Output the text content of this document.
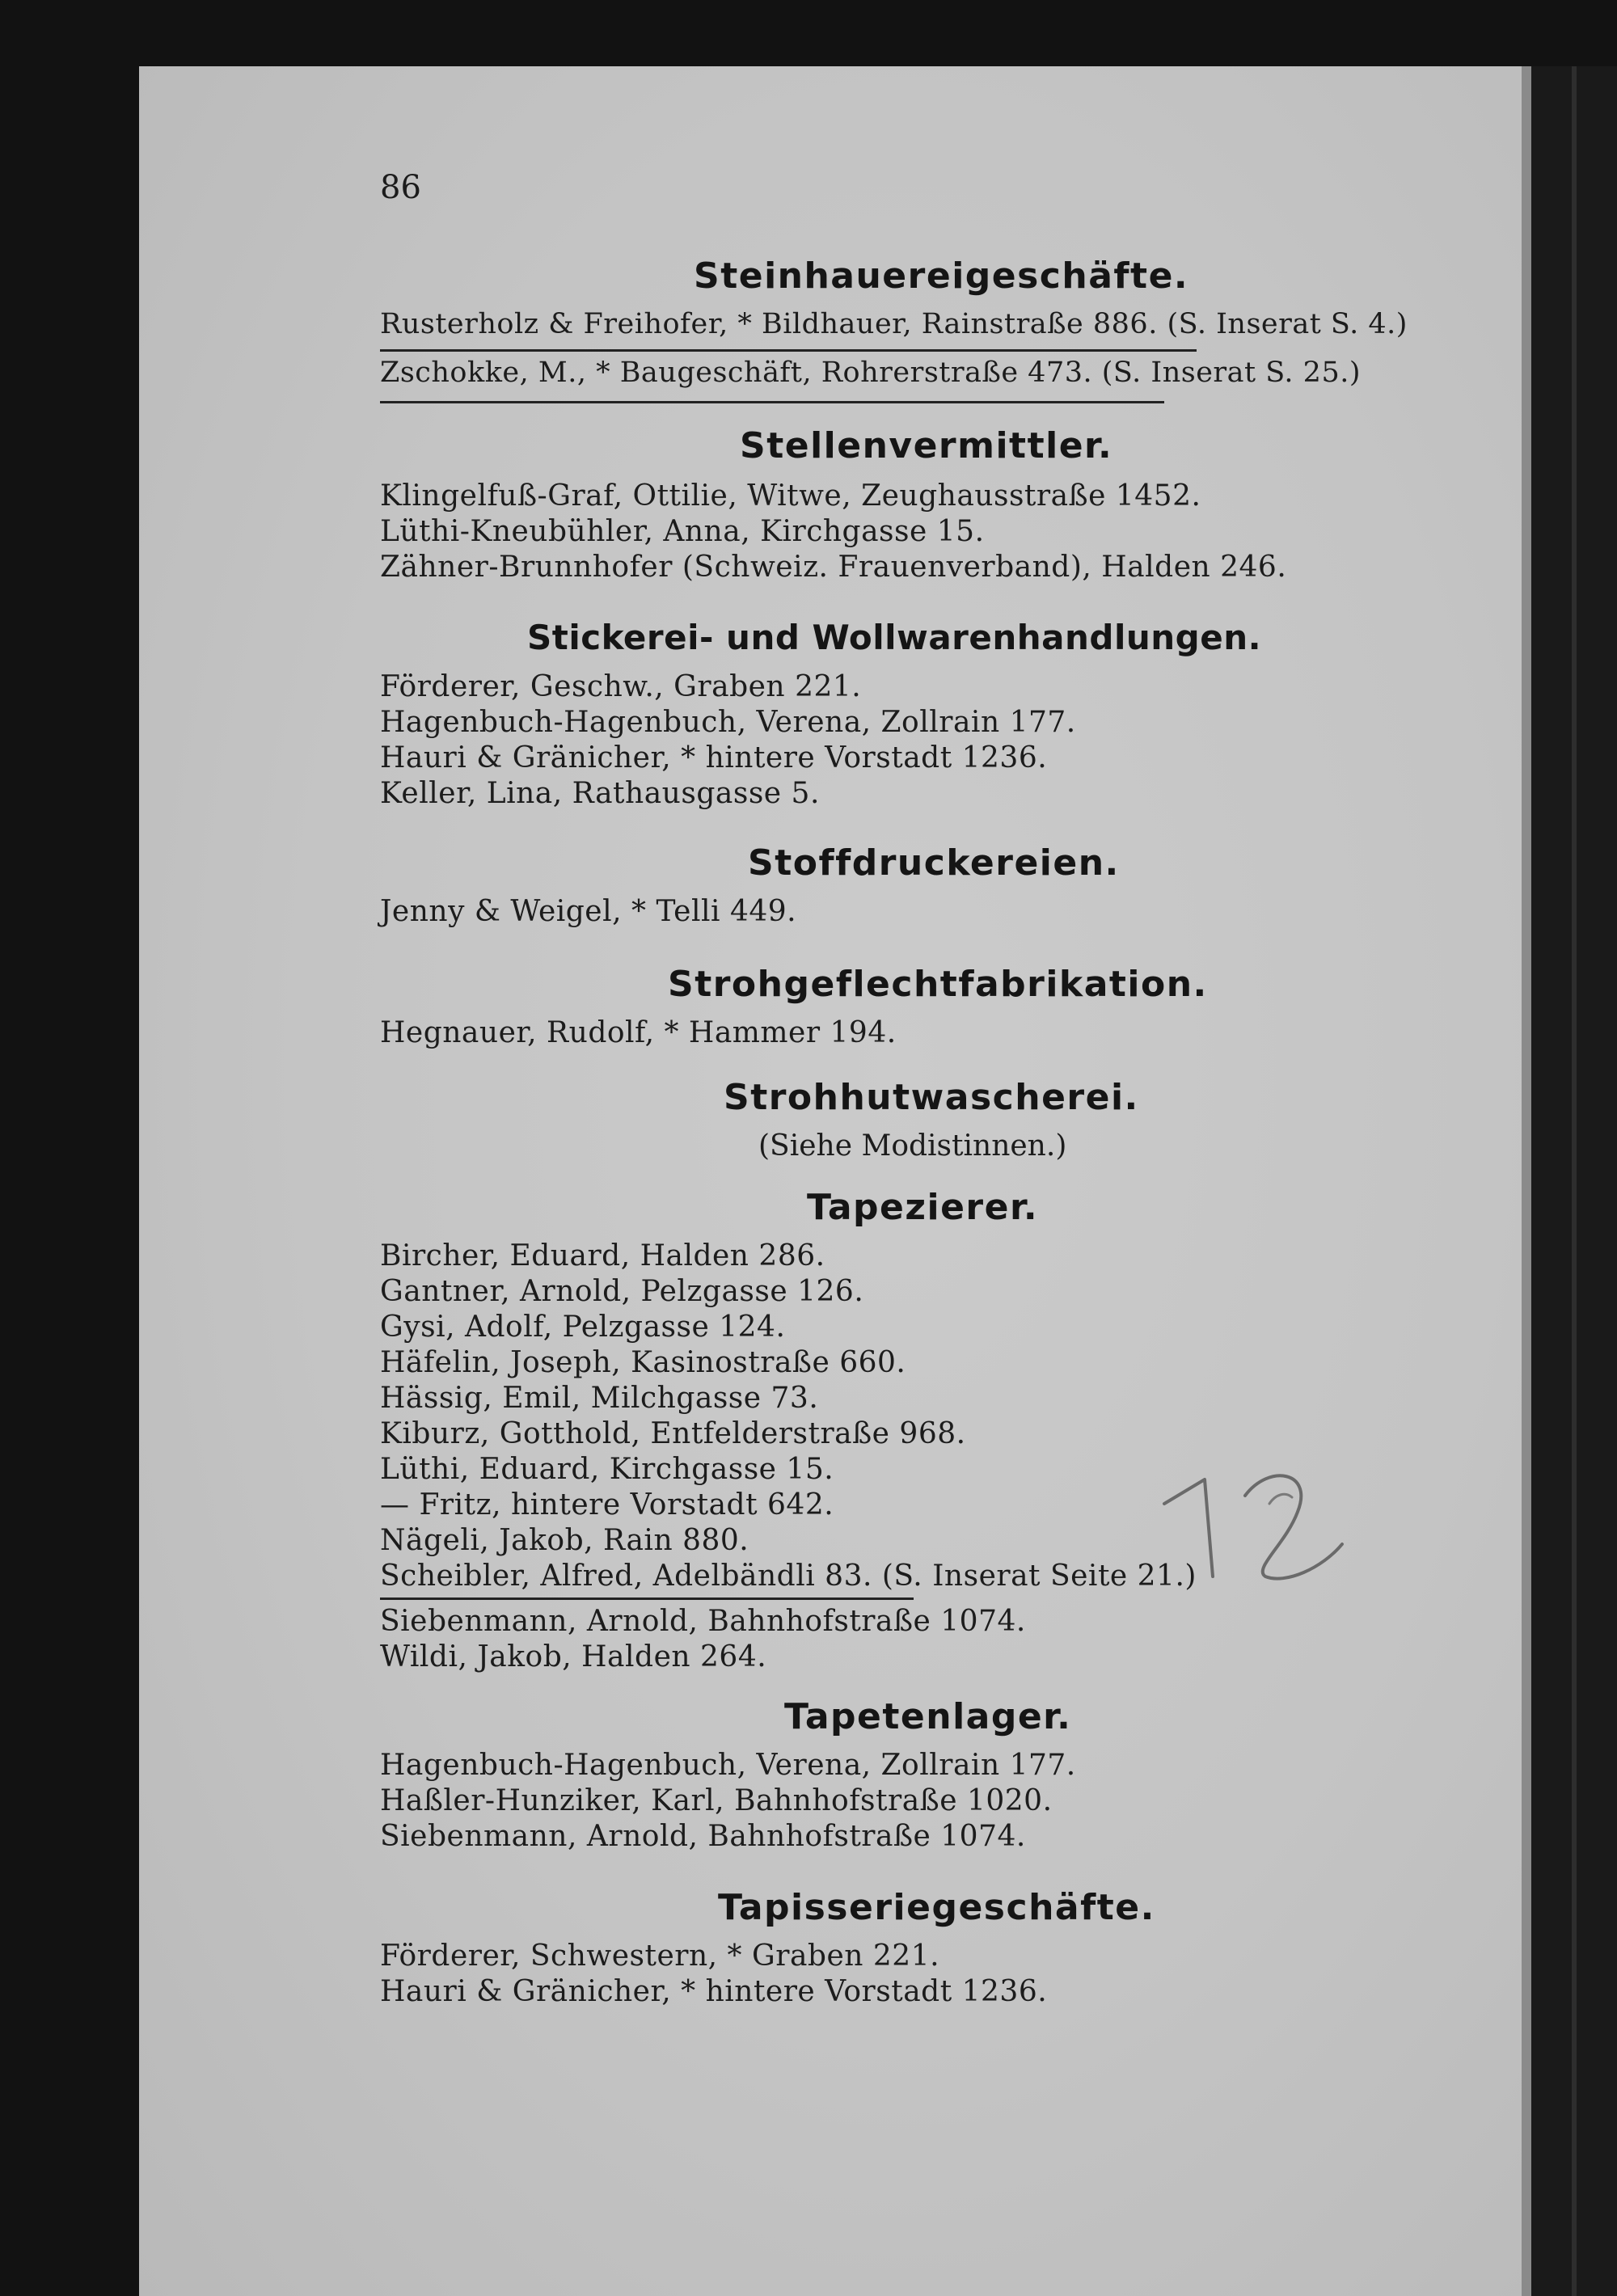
86
Steinhauereigeschäfte.
Rusterholz & Freihofer, * Bildhauer, Rainstraße 886. (S. Inserat S. 4.)
Zschokke, M., * Baugeschäft, Rohrerstraße 473. (S. Inserat S. 25.)
Stellenvermittler.
Klingelfuß-Graf, Ottilie, Witwe, Zeughausstraße 1452.
Lüthi-Kneubühler, Anna, Kirchgasse 15.
Zähner-Brunnhofer (Schweiz. Frauenverband), Halden 246.
Stickerei- und Wollwarenhandlungen.
Förderer, Geschw., Graben 221.
Hagenbuch-Hagenbuch, Verena, Zollrain 177.
Hauri & Gränicher, * hintere Vorstadt 1236.
Keller, Lina, Rathausgasse 5.
Stoffdruckereien.
Jenny & Weigel, * Telli 449.
Strohgeflechtfabrikation.
Hegnauer, Rudolf, * Hammer 194.
Strohhutwascherei.
(Siehe Modistinnen.)
Tapezierer.
Bircher, Eduard, Halden 286.
Gantner, Arnold, Pelzgasse 126.
Gysi, Adolf, Pelzgasse 124.
Häfelin, Joseph, Kasinostraße 660.
Hässig, Emil, Milchgasse 73.
Kiburz, Gotthold, Entfelderstraße 968.
Lüthi, Eduard, Kirchgasse 15.
— Fritz, hintere Vorstadt 642.
Nägeli, Jakob, Rain 880.
Scheibler, Alfred, Adelbändli 83. (S. Inserat Seite 21.)
Siebenmann, Arnold, Bahnhofstraße 1074.
Wildi, Jakob, Halden 264.
Tapetenlager.
Hagenbuch-Hagenbuch, Verena, Zollrain 177.
Haßler-Hunziker, Karl, Bahnhofstraße 1020.
Siebenmann, Arnold, Bahnhofstraße 1074.
Tapisseriegeschäfte.
Förderer, Schwestern, * Graben 221.
Hauri & Gränicher, * hintere Vorstadt 1236.
